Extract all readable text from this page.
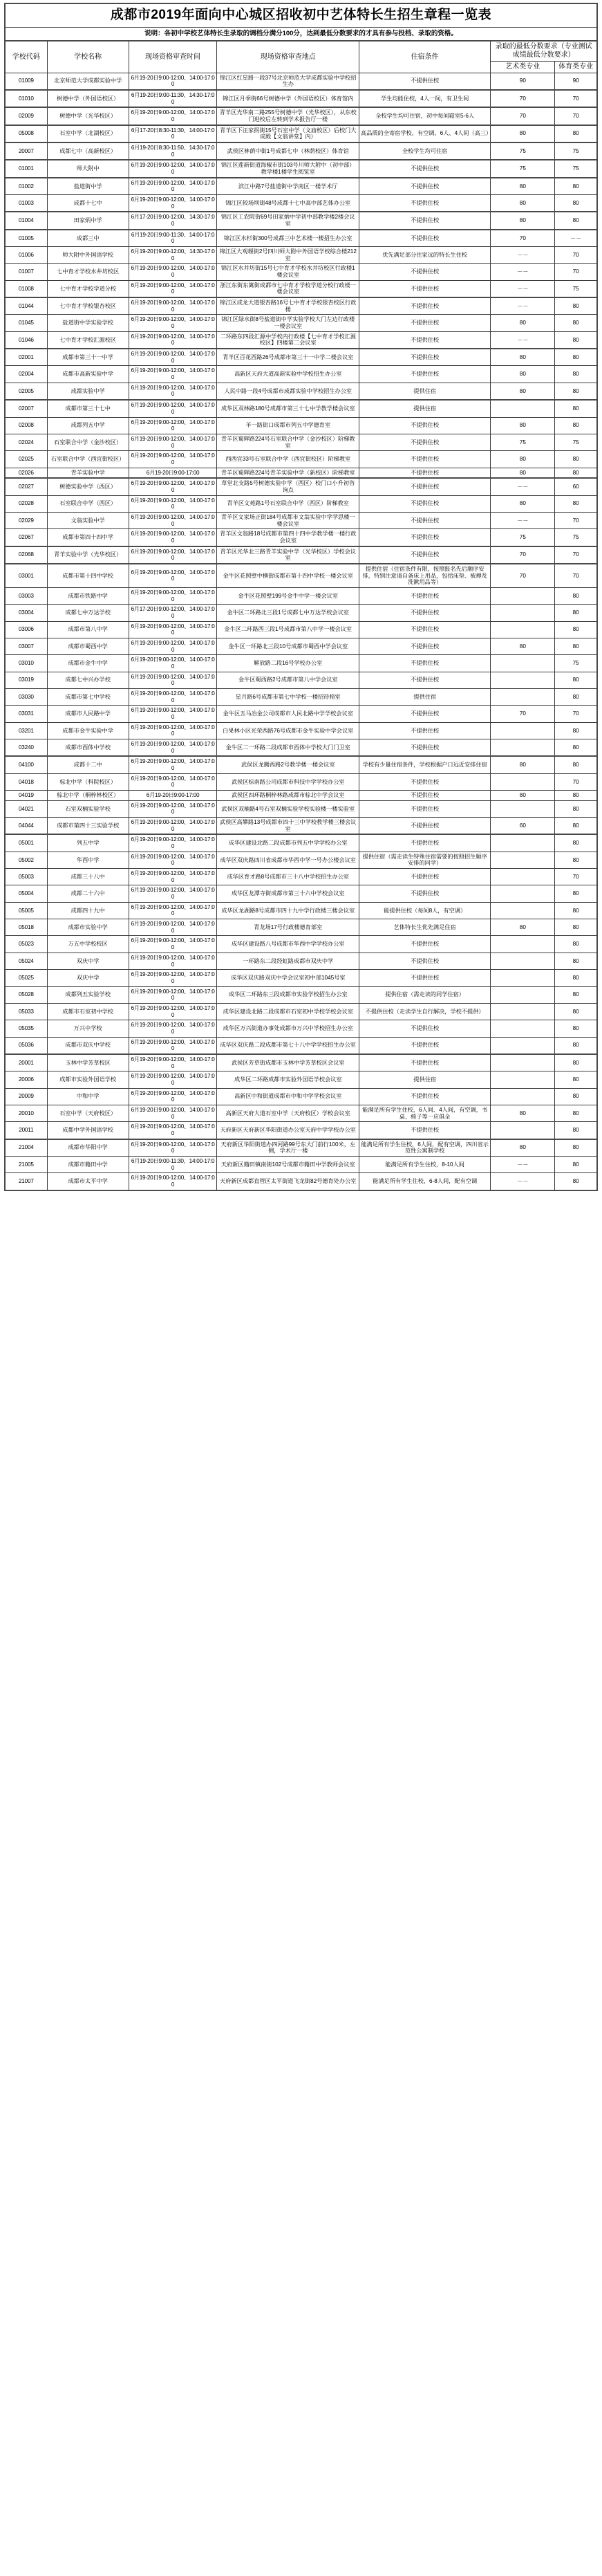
成都市2019年面向中心城区招收初中艺体特长生招生章程一览表
说明：各初中学校艺体特长生录取的调档分满分100分，达到最低分数要求的才具有参与投档、录取的资格。
学校代码	学校名称	现场资格审查时间	现场资格审查地点	住宿条件	录取的最低分数要求（专业测试成绩最低分数要求）	
					艺术类专业	体育类专业
01009	北京师范大学成都实验中学	6月19-20日9:00-12:00、14:00-17:00	锦江区红星路一段37号北京师范大学成都实验中学校招生办	不提供住校	90	90
01010	树德中学（外国语校区）	6月19-20日9:00-11:30、14:30-17:00	锦江区月季街66号树德中学（外国语校区）体育馆内	学生均能住校，4人一间，有卫生间	70	70
02009	树德中学（光华校区）	6月19-20日9:00-12:00、14:00-17:00	青羊区光华南二路255号树德中学（光华校区），从东校门进校后左转到学术报告厅一楼	全校学生均可住宿，初中每间寝室5-6人	70	70
05008	石室中学（北湖校区）	6月17-20日8:30-11:30、14:00-17:00	青羊区下汪家拐街15号石室中学（文庙校区）后校门大成殿【文翁讲堂】内）	高品质的全寄宿学校，有空调，6人、4人间（高三）	80	80
20007	成都七中（高新校区）	6月19-20日8:30-11:50、14:30-17:00	武侯区林荫中街1号成都七中（林荫校区）体育馆	全校学生均可住宿	75	75
01001	师大附中	6月19-20日9:00-12:00、14:00-17:00	锦江区莲新街道海椒市街103号川师大附中（初中部）教学楼1楼学生阅览室	不提供住校	75	75
01002	盐道街中学	6月19-20日9:00-12:00、14:00-17:00	滨江中路7号盐道街中学南区一楼学术厅	不提供住校	80	80
01003	成都十七中	6月19-20日9:00-12:00、14:00-17:00	锦江区较场坝街48号成都十七中高中部艺体办公室	不提供住校	80	80
01004	田家炳中学	6月17-20日9:00-12:00、14:30-17:00	锦江区工农院街69号田家炳中学初中部教学楼2楼会议室	不提供住校	80	80
01005	成都三中	6月19-20日9:00-11:30、14:00-17:00	锦江区水杉街300号成都三中艺术楼一楼招生办公室	不提供住校	70	－－
01006	师大附中外国语学校	6月19-20日9:00-12:00、14:30-17:00	锦江区大观堰街2号四川师大附中外国语学校综合楼212室	优先满足部分住家远的特长生住校	－－	70
01007	七中育才学校水井坊校区	6月19-20日9:00-12:00、14:00-17:00	锦江区水井坊街15号七中育才学校水井坊校区行政楼1楼会议室	不提供住校	－－	70
01008	七中育才学校学道分校	6月19-20日9:00-12:00、14:00-17:00	浙江东街东篱街成都市七中育才学校学道分校行政楼一楼会议室	不提供住校	－－	75
01044	七中育才学校银杏校区	6月19-20日9:00-12:00、14:00-17:00	锦江区成龙大道银杏路16号七中育才学校银杏校区行政楼	不提供住校	－－	80
01045	盐道街中学实验学校	6月19-20日9:00-12:00、14:00-17:00	锦江区绿水街8号盐道街中学实验学校大门左边行政楼一楼会议室	不提供住校	80	80
01046	七中育才学校汇源校区	6月19-20日9:00-12:00、14:00-17:00	二环路东四段汇源中学校内行政楼【七中育才学校汇源校区】四楼第二会议室	不提供住校	－－	80
02001	成都市第三十一中学	6月19-20日9:00-12:00、14:00-17:00	青羊区百花西路26号成都市第三十一中学二楼会议室	不提供住校	80	80
02004	成都市高新实验中学	6月19-20日9:00-12:00、14:00-17:00	高新区天府大道高新实验中学校招生办公室	不提供住校	80	80
02005	成都实验中学	6月19-20日9:00-12:00、14:00-17:00	人民中路一段4号成都市成都实验中学校招生办公室	提供住宿	80	80
02007	成都市第三十七中	6月19-20日9:00-12:00、14:00-17:00	成华区双林路180号成都市第三十七中学教学楼会议室	提供住宿		80
02008	成都列五中学	6月19-20日9:00-12:00、14:00-17:00	羊一路街口成都市列五中学德育室	不提供住校	80	80
02024	石室联合中学（金沙校区）	6月19-20日9:00-12:00、14:00-17:00	青羊区蜀辉路224号石室联合中学（金沙校区）阶梯教室	不提供住校	75	75
02025	石室联合中学（西宜街校区）	6月19-20日9:00-12:00、14:00-17:00	西西宜33号石室联合中学（西宜街校区）阶梯教室	不提供住校	80	80
02026	青羊实验中学	6月19-20日9:00-17:00	青羊区蜀辉路224号青羊实验中学（新校区）阶梯教室	不提供住校	80	80
02027	树德实验中学（西区）	6月19-20日9:00-12:00、14:00-17:00	草堂北支路5号树德实验中学（西区）校门口小升初咨询点	不提供住校	－－	60
02028	石室联合中学（西区）	6月19-20日9:00-12:00、14:00-17:00	青羊区文苑路1号石室联合中学（西区）阶梯教室	不提供住校	80	80
02029	文翁实验中学	6月19-20日9:00-12:00、14:00-17:00	青羊区文家场正街184号成都市文翁实验中学学思楼一楼会议室	不提供住校	－－	70
02067	成都市第四十四中学	6月19-20日9:00-12:00、14:00-17:00	青羊区文翁路18号成都市第四十四中学教学楼一楼行政会议室	不提供住校	75	75
02068	青羊实验中学（光华校区）	6月19-20日9:00-12:00、14:00-17:00	青羊区光华北三路青羊实验中学（光华校区）学校会议室	不提供住校	70	70
03001	成都市第十四中学校	6月19-20日9:00-12:00、14:00-17:00	金牛区花照壁中横街成都市第十四中学校一楼会议室	提供住宿（住宿条件有限，按照报名先后顺序安排，特别注意请自备床上用品，包括床垫、被褥及洗漱用品等）	70	70
03003	成都市铁路中学	6月19-20日9:00-12:00、14:00-17:00	金牛区花照壁199号金牛中学一楼会议室	不提供住校		80
03004	成都七中万达学校	6月17-20日9:00-12:00、14:00-17:00	金牛区二环路北三段1号成都七中万达学校会议室	不提供住校		80
03006	成都市第八中学	6月19-20日9:00-12:00、14:00-17:00	金牛区二环路西三段1号成都市第八中学一楼会议室	不提供住校		80
03007	成都市蜀西中学	6月19-20日9:00-12:00、14:00-17:00	金牛区一环路北三段10号成都市蜀西中学会议室	不提供住校	80	80
03010	成都市金牛中学	6月19-20日9:00-12:00、14:00-17:00	解放路二段16号学校办公室	不提供住校		75
03019	成都七中兴办学校	6月19-20日9:00-12:00、14:00-17:00	金牛区蜀西路2号成都市第八中学会议室	不提供住校		80
03030	成都市第七中学校	6月19-20日9:00-12:00、14:00-17:00	星月路6号成都市第七中学校一楼招待椅室	提供住宿		80
03031	成都市人民路中学	6月19-20日9:00-12:00、14:00-17:00	金牛区五马冶金公司成都市人民北路中学学校会议室	不提供住校	70	70
03201	成都市金牛实验中学	6月19-20日9:00-12:00、14:00-17:00	白果林小区光荣西路76号成都市金牛实验中学会议室	不提供住校		80
03240	成都市西体中学校	6月19-20日9:00-12:00、14:00-17:00	金牛区二一环路二段成都市西体中学校大门门卫室	不提供住校		80
04100	成都十二中	6月19-20日9:00-12:00、14:00-17:00	武侯区龙腾西路2号教学楼一楼会议室	学校有少量住宿条件，学校根据户口远近安排住宿	80	80
04018	棕北中学（科院校区）	6月19-20日9:00-12:00、14:00-17:00	武侯区棕南路公司成都市科技中学学校办公室	不提供住校		70
04019	棕北中学（桐梓林校区）	6月19-20日9:00-17:00	武侯区四环路桐梓林路成都市棕北中学会议室	不提供住校	80	80
04021	石室双楠实验学校	6月19-20日9:00-12:00、14:00-17:00	武侯区双楠路4号石室双楠实验学校实验楼一楼实验室	不提供住校		80
04044	成都市第四十三实验学校	6月19-20日9:00-12:00、14:00-17:00	武侯区高攀路13号成都市四十三中学校教学楼三楼会议室	不提供住校	60	80
05001	列五中学	6月19-20日9:00-12:00、14:00-17:00	成华区建设北路二段成都市列五中学学校办公室	不提供住校		80
05002	华西中学	6月19-20日9:00-12:00、14:00-17:00	成华区双庆路四川省成都市华西中学一号办公楼会议室	提供住宿（需走读生特殊住宿需要的按照招生顺序安排的同学）		80
05003	成都三十八中	6月19-20日9:00-12:00、14:00-17:00	成华区育才路8号成都市三十八中学校招生办公室	不提供住校		70
05004	成都二十六中	6月19-20日9:00-12:00、14:00-17:00	成华区龙潭寺街成都市第三十六中学校会议室	不提供住校		80
05005	成都四十九中	6月19-20日9:00-12:00、14:00-17:00	成华区龙湖路8号成都市四十九中学行政楼三楼会议室	能提供住校（每间8人，有空调）		80
05018	成都市实验中学	6月19-20日9:00-12:00、14:00-17:00	青龙场17号行政楼德育部室	艺体特长生优先满足住宿	80	80
05023	万五中学校校区	6月19-20日9:00-12:00、14:00-17:00	成华区建设路八号成都市华西中学学校办公室	不提供住校		80
05024	双庆中学	6月19-20日9:00-12:00、14:00-17:00	一环路东二段经虹路成都市双庆中学	不提供住校		80
05025	双庆中学	6月19-20日9:00-12:00、14:00-17:00	成华区双庆路双庆中学会议室初中部1045号室	不提供住校		80
05028	成都列五实验学校	6月19-20日9:00-12:00、14:00-17:00	成华区二环路东三段成都市实验学校招生办公室	提供住宿（需走读的同学住宿）		80
05033	成都市石室初中学校	6月19-20日9:00-12:00、14:00-17:00	成华区建设北路二段成都市石室初中学校学校会议室	不提供住校（走读学生自行解决，学校不提供）		80
05035	万兴中学校	6月19-20日9:00-12:00、14:00-17:00	成华区万兴街道办事处成都市万兴中学校招生办公室	不提供住校		80
05036	成都市双庆中学校	6月19-20日9:00-12:00、14:00-17:00	成华区双庆路二段成都市第七十八中学学校招生办公室	不提供住校		80
20001	玉林中学芳草校区	6月19-20日9:00-12:00、14:00-17:00	武侯区芳草街成都市玉林中学芳草校区会议室	不提供住校		80
20006	成都市实验外国语学校	6月19-20日9:00-12:00、14:00-17:00	成华区二环路成都市实验外国语学校会议室	提供住宿		80
20009	中和中学	6月19-20日9:00-12:00、14:00-17:00	高新区中和街道成都市中和中学学校会议室	不提供住校		80
20010	石室中学（天府校区）	6月19-20日9:00-12:00、14:00-17:00	高新区天府大道石室中学（天府校区）学校会议室	能满足所有学生住校，6人间、4人间，有空调，书桌、椅子等一应俱全	80	80
20011	成都中学外国语学校	6月19-20日9:00-12:00、14:00-17:00	天府新区天府新区华阳街道办公室天府中学学校办公室	不提供住校		80
21004	成都市华阳中学	6月19-20日9:00-12:00、14:00-17:00	天府新区华阳街道办四河路99号东大门前行100米，左侧，学术厅一楼	能满足所有学生住校，6人间，配有空调，四川省示范性公寓制学校	80	80
21005	成都市籍田中学	6月19-20日9:00-11:30、14:00-17:00	天府新区籍田镇南街102号成都市籍田中学教师会议室	能满足所有学生住校，8-10人间	－－	80
21007	成都市太平中学	6月19-20日9:00-12:00、14:00-17:00	天府新区成都直管区太平街道飞龙街82号德育处办公室	能满足所有学生住校，6-8人间，配有空调	－－	80
